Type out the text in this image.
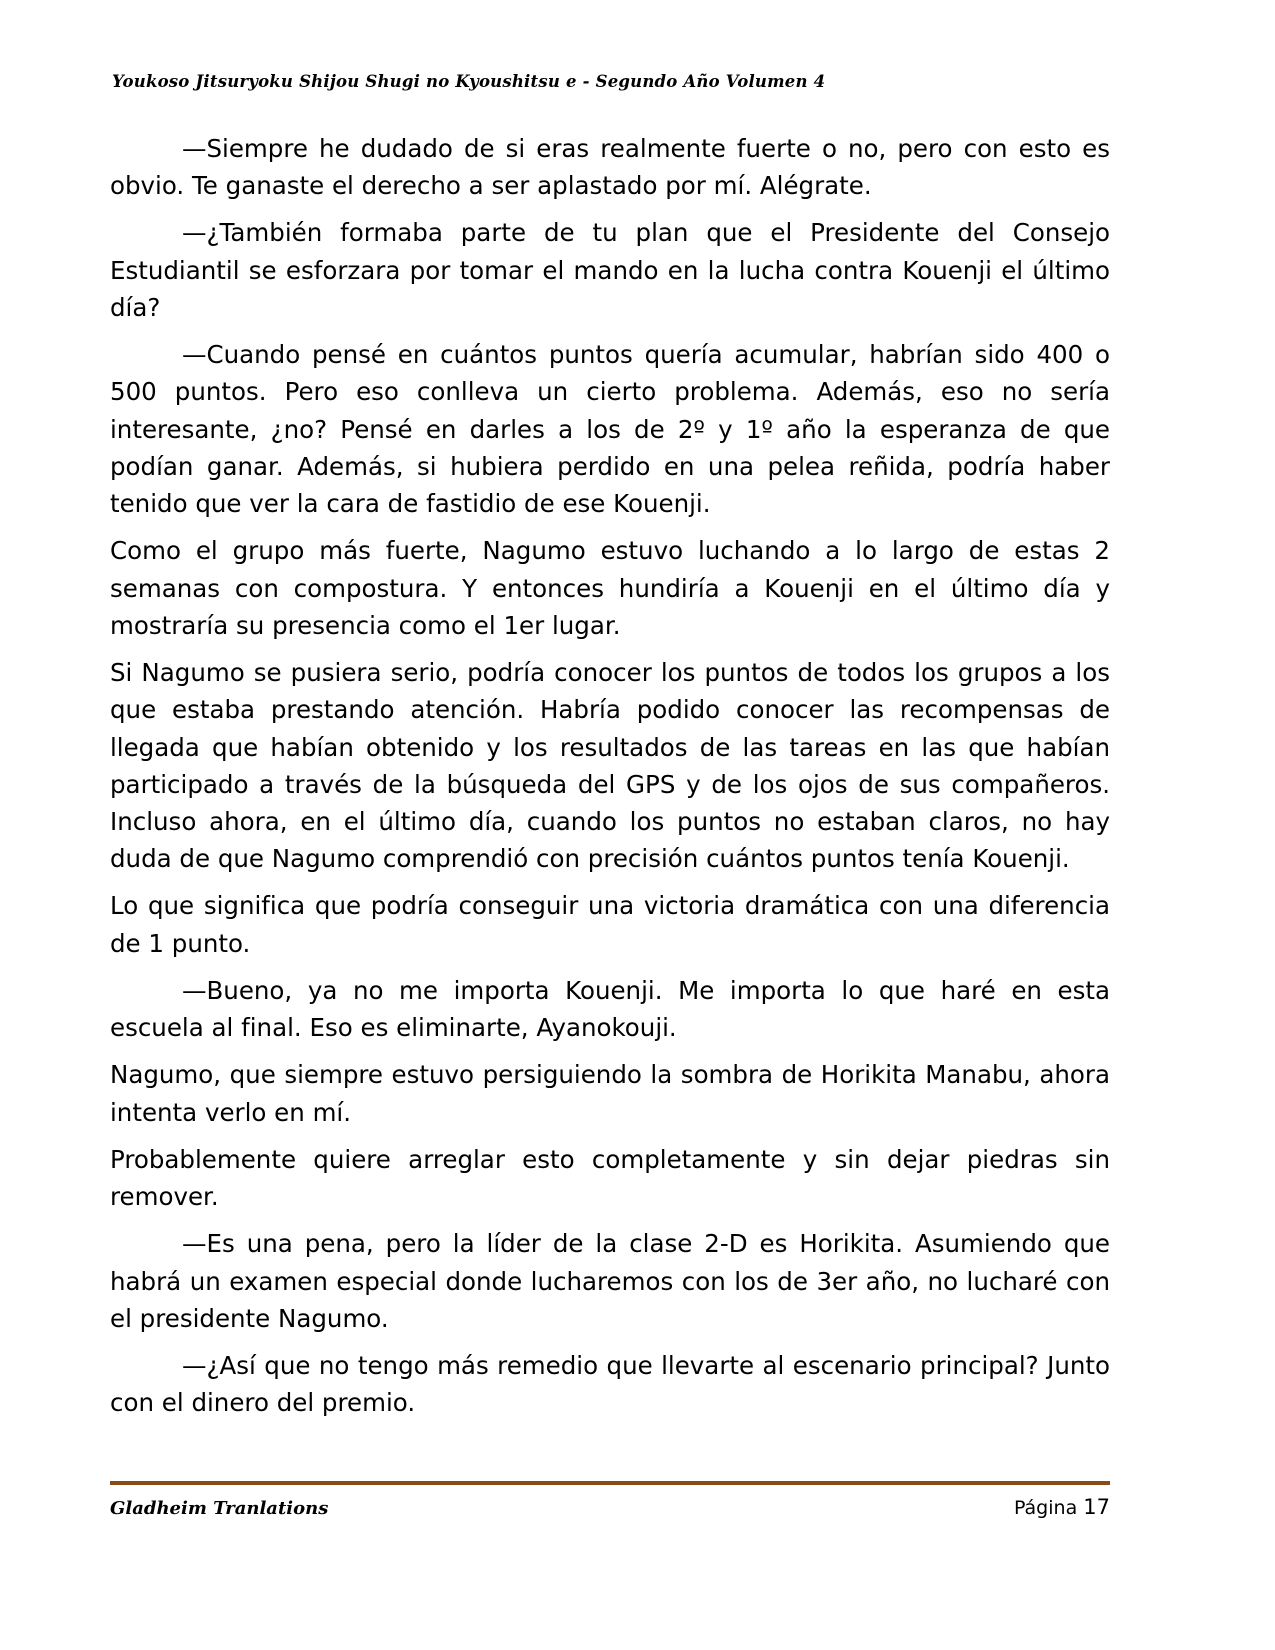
Youkoso Jitsuryoku Shijou Shugi no Kyoushitsu e - Segundo Año Volumen 4

—Siempre he dudado de si eras realmente fuerte o no, pero con esto es obvio. Te ganaste el derecho a ser aplastado por mí. Alégrate.

—¿También formaba parte de tu plan que el Presidente del Consejo Estudiantil se esforzara por tomar el mando en la lucha contra Kouenji el último día?

—Cuando pensé en cuántos puntos quería acumular, habrían sido 400 o 500 puntos. Pero eso conlleva un cierto problema. Además, eso no sería interesante, ¿no? Pensé en darles a los de 2º y 1º año la esperanza de que podían ganar. Además, si hubiera perdido en una pelea reñida, podría haber tenido que ver la cara de fastidio de ese Kouenji.

Como el grupo más fuerte, Nagumo estuvo luchando a lo largo de estas 2 semanas con compostura. Y entonces hundiría a Kouenji en el último día y mostraría su presencia como el 1er lugar.

Si Nagumo se pusiera serio, podría conocer los puntos de todos los grupos a los que estaba prestando atención. Habría podido conocer las recompensas de llegada que habían obtenido y los resultados de las tareas en las que habían participado a través de la búsqueda del GPS y de los ojos de sus compañeros. Incluso ahora, en el último día, cuando los puntos no estaban claros, no hay duda de que Nagumo comprendió con precisión cuántos puntos tenía Kouenji.

Lo que significa que podría conseguir una victoria dramática con una diferencia de 1 punto.

—Bueno, ya no me importa Kouenji. Me importa lo que haré en esta escuela al final. Eso es eliminarte, Ayanokouji.

Nagumo, que siempre estuvo persiguiendo la sombra de Horikita Manabu, ahora intenta verlo en mí.

Probablemente quiere arreglar esto completamente y sin dejar piedras sin remover.

—Es una pena, pero la líder de la clase 2-D es Horikita. Asumiendo que habrá un examen especial donde lucharemos con los de 3er año, no lucharé con el presidente Nagumo.

—¿Así que no tengo más remedio que llevarte al escenario principal? Junto con el dinero del premio.

Gladheim Tranlations	Página 17
